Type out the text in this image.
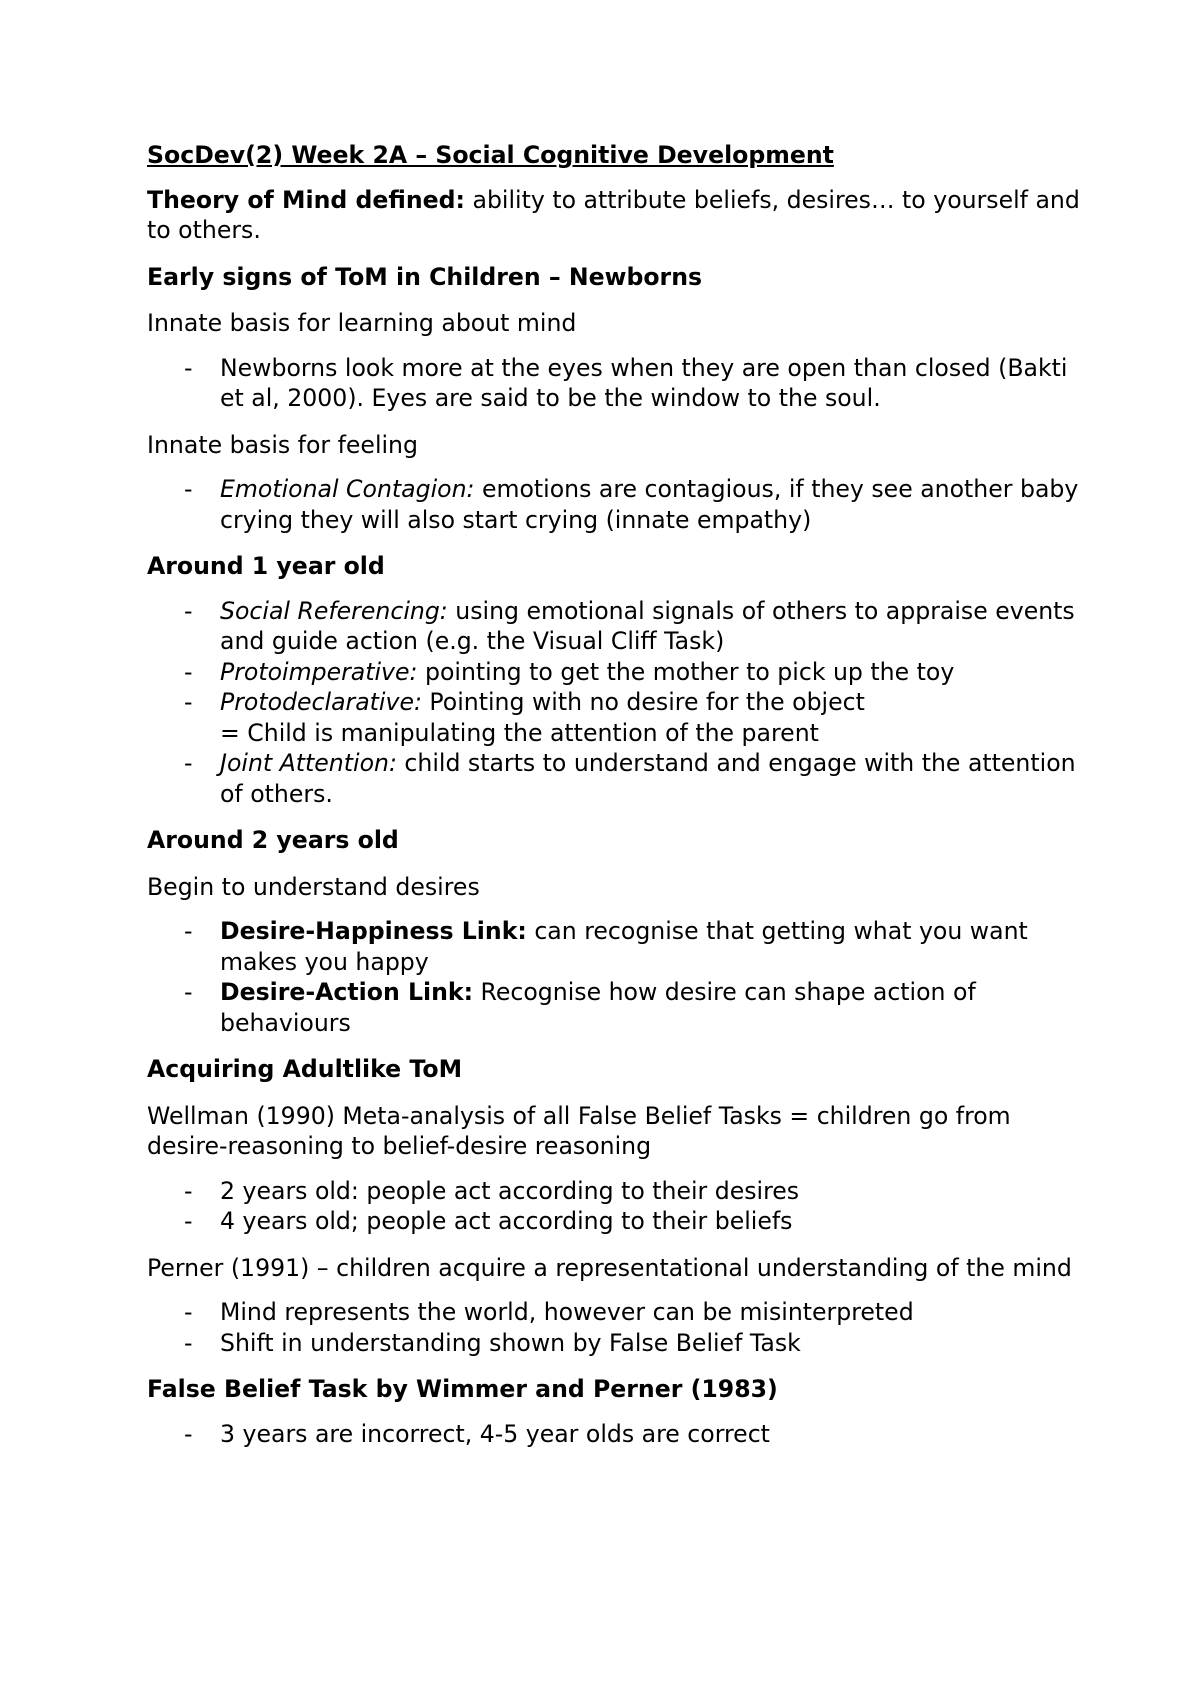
SocDev(2) Week 2A – Social Cognitive Development

Theory of Mind defined: ability to attribute beliefs, desires… to yourself and to others.

Early signs of ToM in Children – Newborns

Innate basis for learning about mind

- Newborns look more at the eyes when they are open than closed (Bakti et al, 2000). Eyes are said to be the window to the soul.

Innate basis for feeling

- Emotional Contagion: emotions are contagious, if they see another baby crying they will also start crying (innate empathy)

Around 1 year old

- Social Referencing: using emotional signals of others to appraise events and guide action (e.g. the Visual Cliff Task)
- Protoimperative: pointing to get the mother to pick up the toy
- Protodeclarative: Pointing with no desire for the object
= Child is manipulating the attention of the parent
- Joint Attention: child starts to understand and engage with the attention of others.

Around 2 years old

Begin to understand desires

- Desire-Happiness Link: can recognise that getting what you want makes you happy
- Desire-Action Link: Recognise how desire can shape action of behaviours

Acquiring Adultlike ToM

Wellman (1990) Meta-analysis of all False Belief Tasks = children go from desire-reasoning to belief-desire reasoning

- 2 years old: people act according to their desires
- 4 years old; people act according to their beliefs

Perner (1991) – children acquire a representational understanding of the mind

- Mind represents the world, however can be misinterpreted
- Shift in understanding shown by False Belief Task

False Belief Task by Wimmer and Perner (1983)

- 3 years are incorrect, 4-5 year olds are correct
